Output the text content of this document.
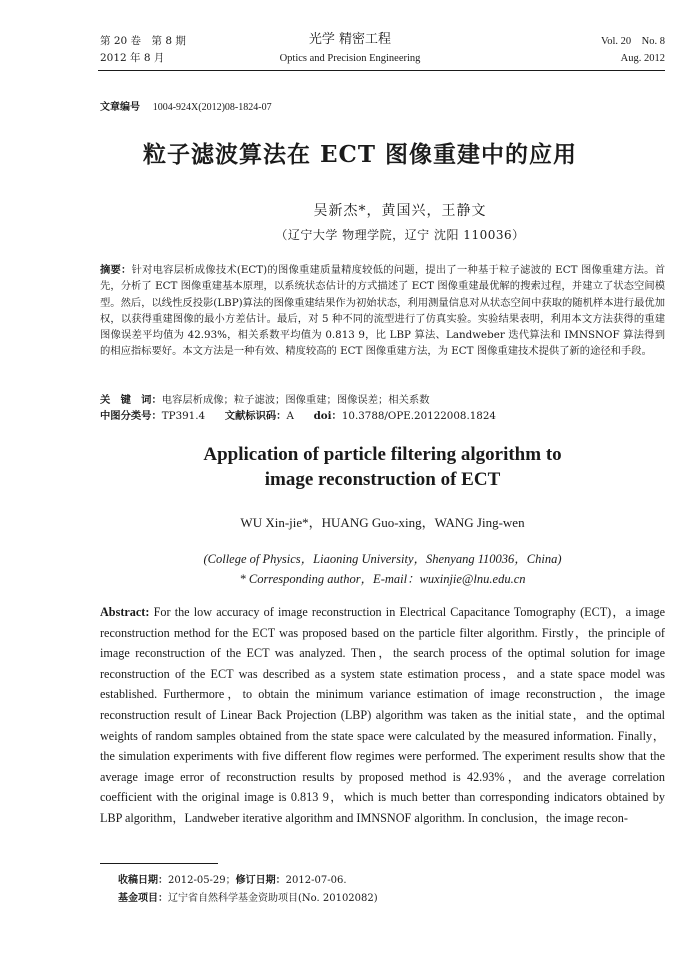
第 20 卷　第 8 期
2012 年 8 月
光学 精密工程
Optics and Precision Engineering
Vol. 20　No. 8
Aug. 2012
文章编号 1004-924X(2012)08-1824-07
粒子滤波算法在 ECT 图像重建中的应用
吴新杰*，黄国兴，王静文
（辽宁大学 物理学院，辽宁 沈阳 110036）
摘要：针对电容层析成像技术(ECT)的图像重建质量精度较低的问题，提出了一种基于粒子滤波的 ECT 图像重建方法。首先，分析了 ECT 图像重建基本原理，以系统状态估计的方式描述了 ECT 图像重建最优解的搜索过程，并建立了状态空间模型。然后，以线性反投影(LBP)算法的图像重建结果作为初始状态，利用测量信息对从状态空间中获取的随机样本进行最优加权，以获得重建图像的最小方差估计。最后，对 5 种不同的流型进行了仿真实验。实验结果表明，利用本文方法获得的重建图像误差平均值为 42.93%，相关系数平均值为 0.813 9，比 LBP 算法、Landweber 迭代算法和 IMNSNOF 算法得到的相应指标要好。本文方法是一种有效、精度较高的 ECT 图像重建方法，为 ECT 图像重建技术提供了新的途径和手段。
关　键　词：电容层析成像；粒子滤波；图像重建；图像误差；相关系数
中图分类号：TP391.4 文献标识码：A doi：10.3788/OPE.20122008.1824
Application of particle filtering algorithm to
image reconstruction of ECT
WU Xin-jie*，HUANG Guo-xing，WANG Jing-wen
(College of Physics，Liaoning University，Shenyang 110036，China)
* Corresponding author，E-mail：wuxinjie@lnu.edu.cn
Abstract: For the low accuracy of image reconstruction in Electrical Capacitance Tomography (ECT)，a image reconstruction method for the ECT was proposed based on the particle filter algorithm. Firstly，the principle of image reconstruction of the ECT was analyzed. Then，the search process of the optimal solution for image reconstruction of the ECT was described as a system state estimation process，and a state space model was established. Furthermore，to obtain the minimum variance estimation of image reconstruction，the image reconstruction result of Linear Back Projection (LBP) algorithm was taken as the initial state，and the optimal weights of random samples obtained from the state space were calculated by the measured information. Finally，the simulation experiments with five different flow regimes were performed. The experiment results show that the average image error of reconstruction results by proposed method is 42.93%，and the average correlation coefficient with the original image is 0.813 9，which is much better than corresponding indicators obtained by LBP algorithm，Landweber iterative algorithm and IMNSNOF algorithm. In conclusion，the image recon-
收稿日期：2012-05-29；修订日期：2012-07-06.
基金项目：辽宁省自然科学基金资助项目(No. 20102082)
